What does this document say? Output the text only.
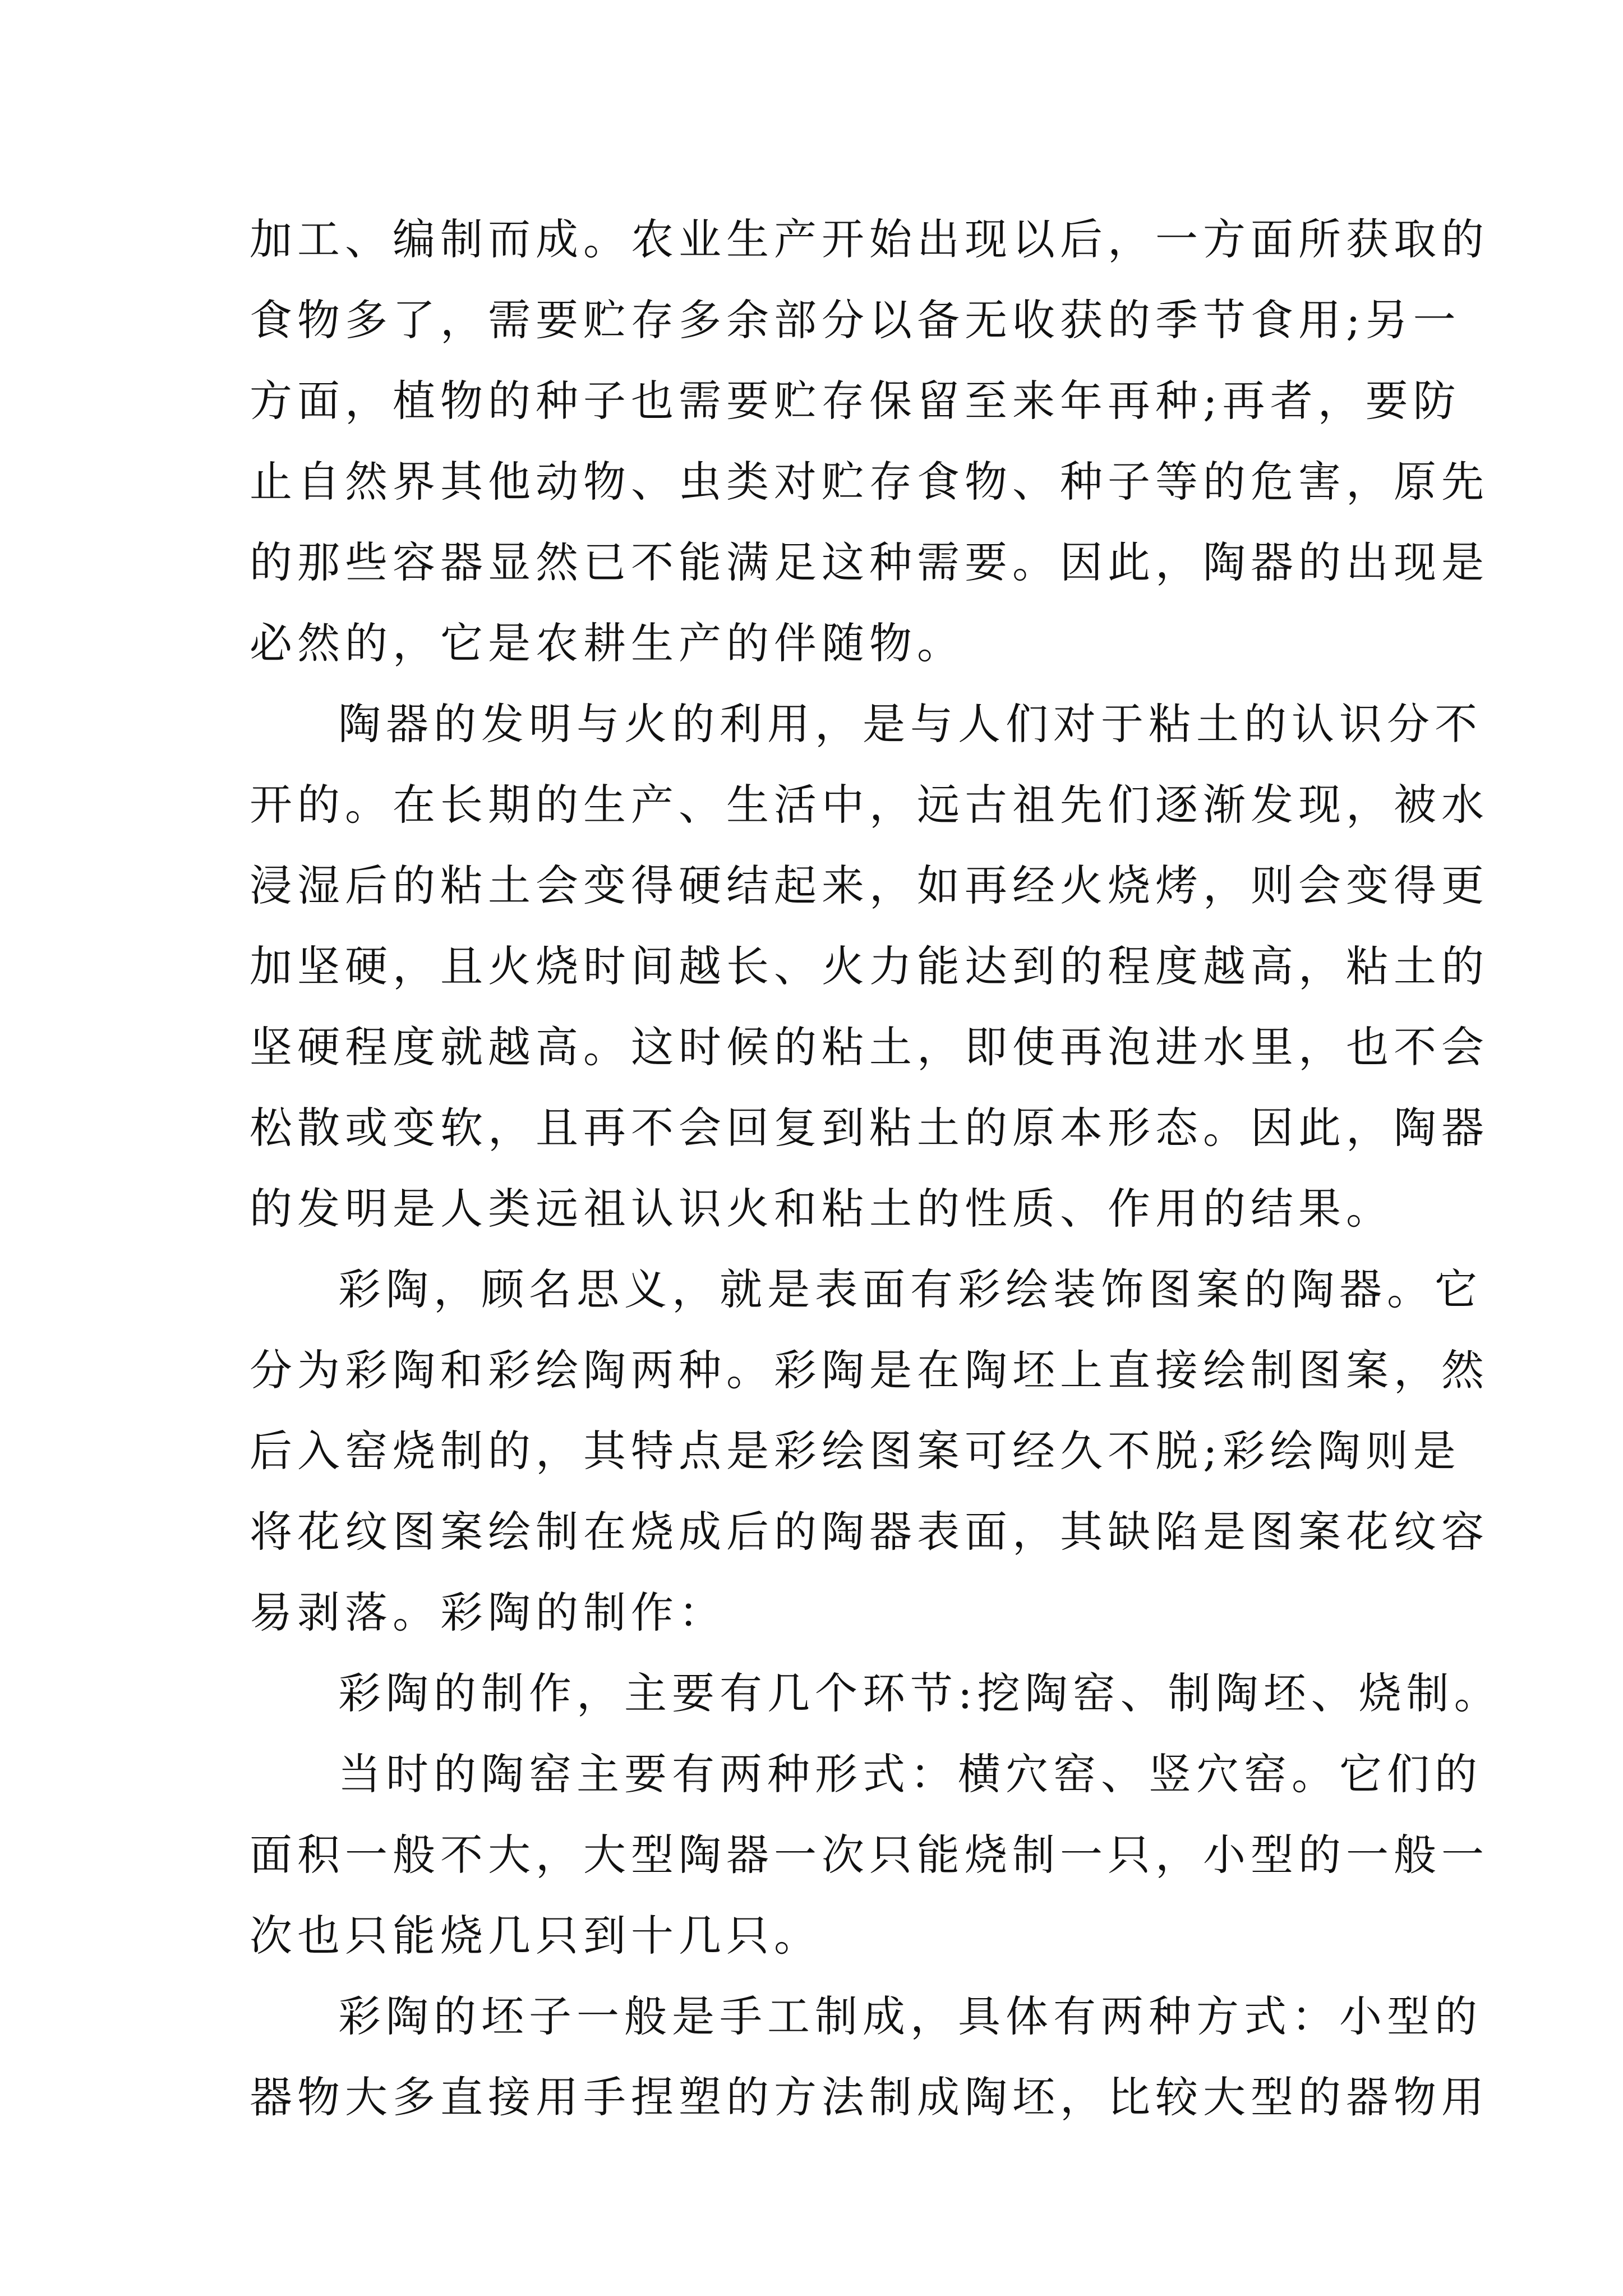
加工、编制而成。农业生产开始出现以后，一方面所获取的
食物多了，需要贮存多余部分以备无收获的季节食用;另一
方面，植物的种子也需要贮存保留至来年再种;再者，要防
止自然界其他动物、虫类对贮存食物、种子等的危害，原先
的那些容器显然已不能满足这种需要。因此，陶器的出现是
必然的，它是农耕生产的伴随物。
陶器的发明与火的利用，是与人们对于粘土的认识分不
开的。在长期的生产、生活中，远古祖先们逐渐发现，被水
浸湿后的粘土会变得硬结起来，如再经火烧烤，则会变得更
加坚硬，且火烧时间越长、火力能达到的程度越高，粘土的
坚硬程度就越高。这时候的粘土，即使再泡进水里，也不会
松散或变软，且再不会回复到粘土的原本形态。因此，陶器
的发明是人类远祖认识火和粘土的性质、作用的结果。
彩陶，顾名思义，就是表面有彩绘装饰图案的陶器。它
分为彩陶和彩绘陶两种。彩陶是在陶坯上直接绘制图案，然
后入窑烧制的，其特点是彩绘图案可经久不脱;彩绘陶则是
将花纹图案绘制在烧成后的陶器表面，其缺陷是图案花纹容
易剥落。彩陶的制作：
彩陶的制作，主要有几个环节:挖陶窑、制陶坯、烧制。
当时的陶窑主要有两种形式：横穴窑、竖穴窑。它们的
面积一般不大，大型陶器一次只能烧制一只，小型的一般一
次也只能烧几只到十几只。
彩陶的坯子一般是手工制成，具体有两种方式：小型的
器物大多直接用手捏塑的方法制成陶坯，比较大型的器物用
